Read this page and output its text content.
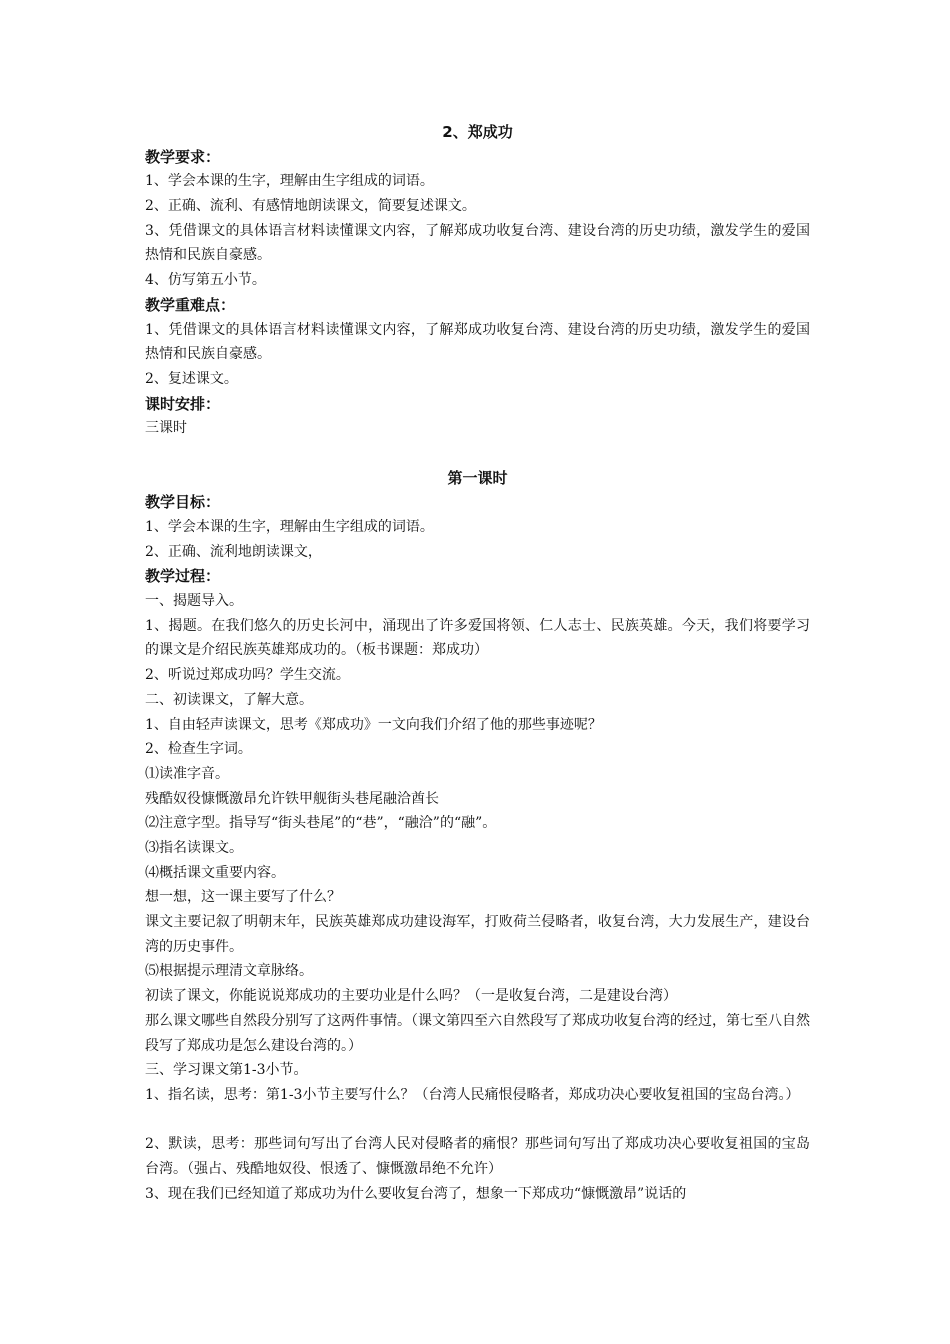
2、郑成功
教学要求：
1、学会本课的生字，理解由生字组成的词语。
2、正确、流利、有感情地朗读课文，简要复述课文。
3、凭借课文的具体语言材料读懂课文内容，了解郑成功收复台湾、建设台湾的历史功绩，激发学生的爱国热情和民族自豪感。
4、仿写第五小节。
教学重难点：
1、凭借课文的具体语言材料读懂课文内容，了解郑成功收复台湾、建设台湾的历史功绩，激发学生的爱国热情和民族自豪感。
2、复述课文。
课时安排：
三课时
第一课时
教学目标：
1、学会本课的生字，理解由生字组成的词语。
2、正确、流利地朗读课文，
教学过程：
一、揭题导入。
1、揭题。在我们悠久的历史长河中，涌现出了许多爱国将领、仁人志士、民族英雄。今天，我们将要学习的课文是介绍民族英雄郑成功的。（板书课题：郑成功）
2、听说过郑成功吗？学生交流。
二、初读课文，了解大意。
1、自由轻声读课文，思考《郑成功》一文向我们介绍了他的那些事迹呢？
2、检查生字词。
⑴读准字音。
残酷奴役慷慨激昂允许铁甲舰街头巷尾融洽酋长
⑵注意字型。指导写“街头巷尾”的“巷”，“融洽”的“融”。
⑶指名读课文。
⑷概括课文重要内容。
想一想，这一课主要写了什么？
课文主要记叙了明朝末年，民族英雄郑成功建设海军，打败荷兰侵略者，收复台湾，大力发展生产，建设台湾的历史事件。
⑸根据提示理清文章脉络。
初读了课文，你能说说郑成功的主要功业是什么吗？（一是收复台湾，二是建设台湾）
那么课文哪些自然段分别写了这两件事情。（课文第四至六自然段写了郑成功收复台湾的经过，第七至八自然段写了郑成功是怎么建设台湾的。）
三、学习课文第1-3小节。
1、指名读，思考：第1-3小节主要写什么？（台湾人民痛恨侵略者，郑成功决心要收复祖国的宝岛台湾。）
2、默读，思考：那些词句写出了台湾人民对侵略者的痛恨？那些词句写出了郑成功决心要收复祖国的宝岛台湾。（强占、残酷地奴役、恨透了、慷慨激昂绝不允许）
3、现在我们已经知道了郑成功为什么要收复台湾了，想象一下郑成功“慷慨激昂”说话的
